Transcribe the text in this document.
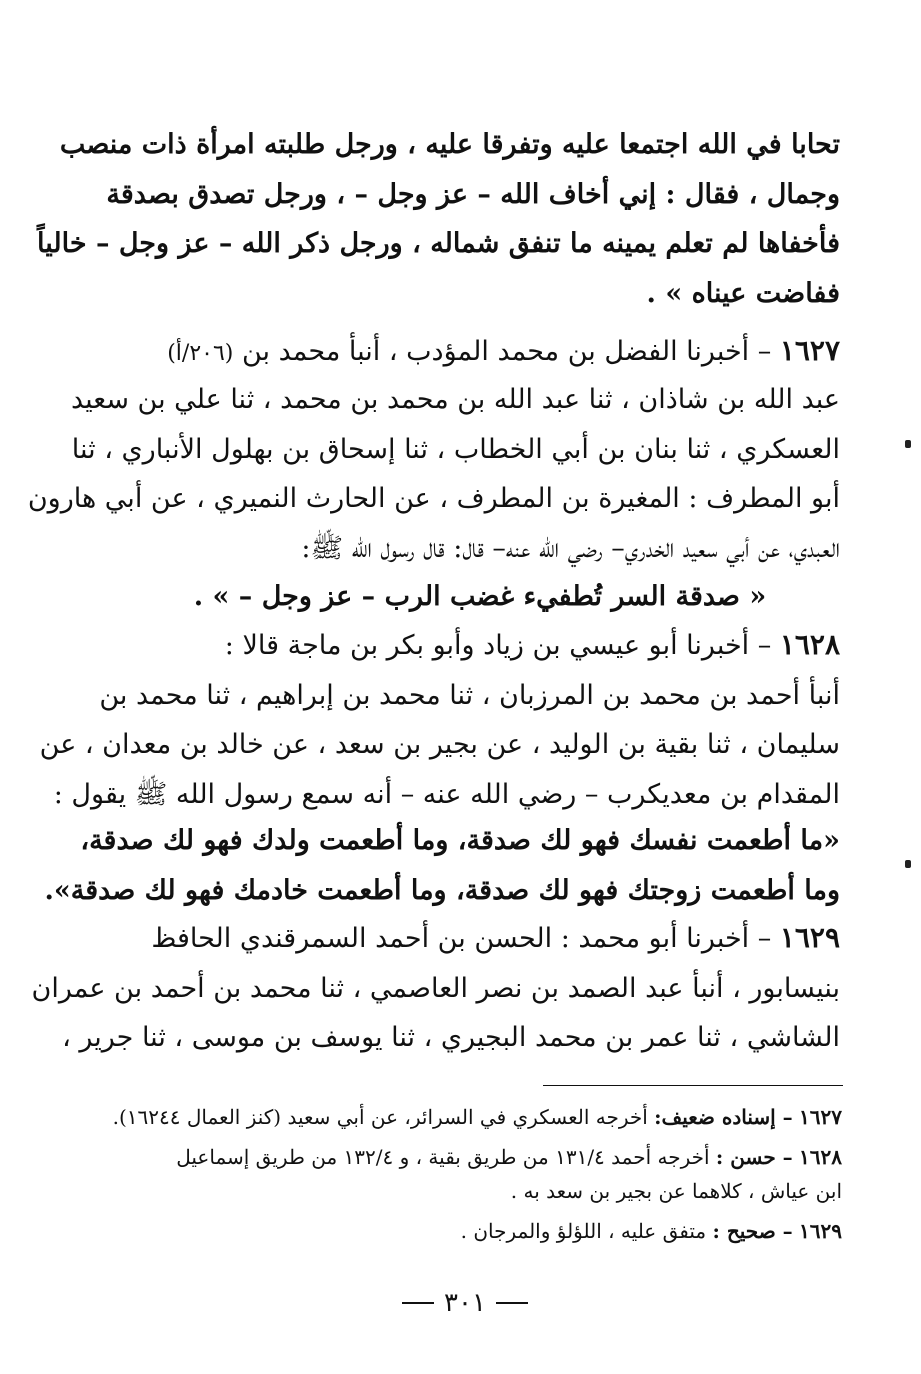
تحابا في الله اجتمعا عليه وتفرقا عليه ، ورجل طلبته امرأة ذات منصب
وجمال ، فقال : إني أخاف الله – عز وجل – ، ورجل تصدق بصدقة
فأخفاها لم تعلم يمينه ما تنفق شماله ، ورجل ذكر الله – عز وجل – خالياً
ففاضت عيناه » .
١٦٢٧ – أخبرنا الفضل بن محمد المؤدب ، أنبأ محمد بن (٢٠٦/أ)
عبد الله بن شاذان ، ثنا عبد الله بن محمد بن محمد ، ثنا علي بن سعيد
العسكري ، ثنا بنان بن أبي الخطاب ، ثنا إسحاق بن بهلول الأنباري ، ثنا
أبو المطرف : المغيرة بن المطرف ، عن الحارث النميري ، عن أبي هارون
العبدي، عن أبي سعيد الخدري– رضي الله عنه– قال: قال رسول الله ﷺ:
« صدقة السر تُطفيء غضب الرب – عز وجل – » .
١٦٢٨ – أخبرنا أبو عيسي بن زياد وأبو بكر بن ماجة قالا :
أنبأ أحمد بن محمد بن المرزبان ، ثنا محمد بن إبراهيم ، ثنا محمد بن
سليمان ، ثنا بقية بن الوليد ، عن بجير بن سعد ، عن خالد بن معدان ، عن
المقدام بن معديكرب – رضي الله عنه – أنه سمع رسول الله ﷺ يقول :
«ما أطعمت نفسك فهو لك صدقة، وما أطعمت ولدك فهو لك صدقة،
وما أطعمت زوجتك فهو لك صدقة، وما أطعمت خادمك فهو لك صدقة».
١٦٢٩ – أخبرنا أبو محمد : الحسن بن أحمد السمرقندي الحافظ
بنيسابور ، أنبأ عبد الصمد بن نصر العاصمي ، ثنا محمد بن أحمد بن عمران
الشاشي ، ثنا عمر بن محمد البجيري ، ثنا يوسف بن موسى ، ثنا جرير ،
١٦٢٧ – إسناده ضعيف: أخرجه العسكري في السرائر، عن أبي سعيد (كنز العمال ١٦٢٤٤).
١٦٢٨ – حسن : أخرجه أحمد ١٣١/٤ من طريق بقية ، و ١٣٢/٤ من طريق إسماعيل
ابن عياش ، كلاهما عن بجير بن سعد به .
١٦٢٩ – صحيح : متفق عليه ، اللؤلؤ والمرجان .
٣٠١
